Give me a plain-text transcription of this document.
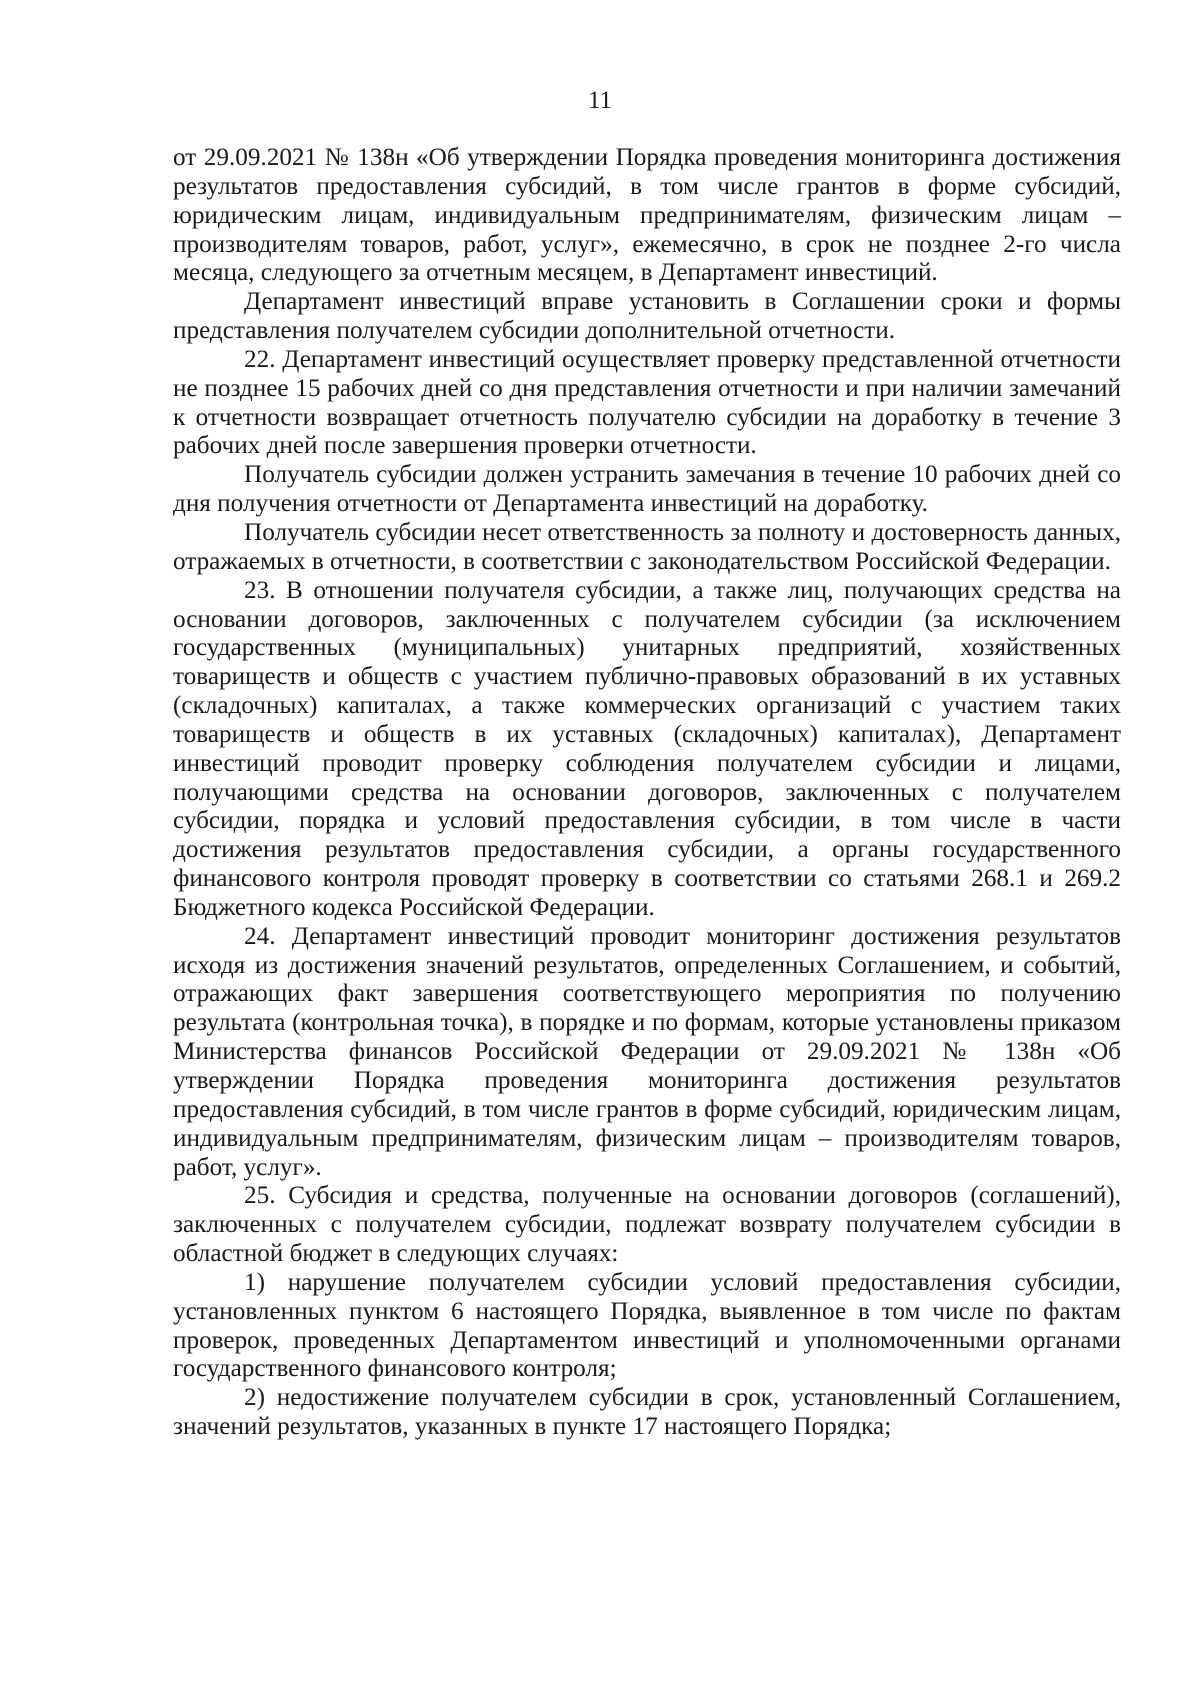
11

от 29.09.2021 № 138н «Об утверждении Порядка проведения мониторинга достижения результатов предоставления субсидий, в том числе грантов в форме субсидий, юридическим лицам, индивидуальным предпринимателям, физическим лицам – производителям товаров, работ, услуг», ежемесячно, в срок не позднее 2-го числа месяца, следующего за отчетным месяцем, в Департамент инвестиций.

Департамент инвестиций вправе установить в Соглашении сроки и формы представления получателем субсидии дополнительной отчетности.

22. Департамент инвестиций осуществляет проверку представленной отчетности не позднее 15 рабочих дней со дня представления отчетности и при наличии замечаний к отчетности возвращает отчетность получателю субсидии на доработку в течение 3 рабочих дней после завершения проверки отчетности.

Получатель субсидии должен устранить замечания в течение 10 рабочих дней со дня получения отчетности от Департамента инвестиций на доработку.

Получатель субсидии несет ответственность за полноту и достоверность данных, отражаемых в отчетности, в соответствии с законодательством Российской Федерации.

23. В отношении получателя субсидии, а также лиц, получающих средства на основании договоров, заключенных с получателем субсидии (за исключением государственных (муниципальных) унитарных предприятий, хозяйственных товариществ и обществ с участием публично-правовых образований в их уставных (складочных) капиталах, а также коммерческих организаций с участием таких товариществ и обществ в их уставных (складочных) капиталах), Департамент инвестиций проводит проверку соблюдения получателем субсидии и лицами, получающими средства на основании договоров, заключенных с получателем субсидии, порядка и условий предоставления субсидии, в том числе в части достижения результатов предоставления субсидии, а органы государственного финансового контроля проводят проверку в соответствии со статьями 268.1 и 269.2 Бюджетного кодекса Российской Федерации.

24. Департамент инвестиций проводит мониторинг достижения результатов исходя из достижения значений результатов, определенных Соглашением, и событий, отражающих факт завершения соответствующего мероприятия по получению результата (контрольная точка), в порядке и по формам, которые установлены приказом Министерства финансов Российской Федерации от 29.09.2021 № 138н «Об утверждении Порядка проведения мониторинга достижения результатов предоставления субсидий, в том числе грантов в форме субсидий, юридическим лицам, индивидуальным предпринимателям, физическим лицам – производителям товаров, работ, услуг».

25. Субсидия и средства, полученные на основании договоров (соглашений), заключенных с получателем субсидии, подлежат возврату получателем субсидии в областной бюджет в следующих случаях:

1) нарушение получателем субсидии условий предоставления субсидии, установленных пунктом 6 настоящего Порядка, выявленное в том числе по фактам проверок, проведенных Департаментом инвестиций и уполномоченными органами государственного финансового контроля;

2) недостижение получателем субсидии в срок, установленный Соглашением, значений результатов, указанных в пункте 17 настоящего Порядка;
